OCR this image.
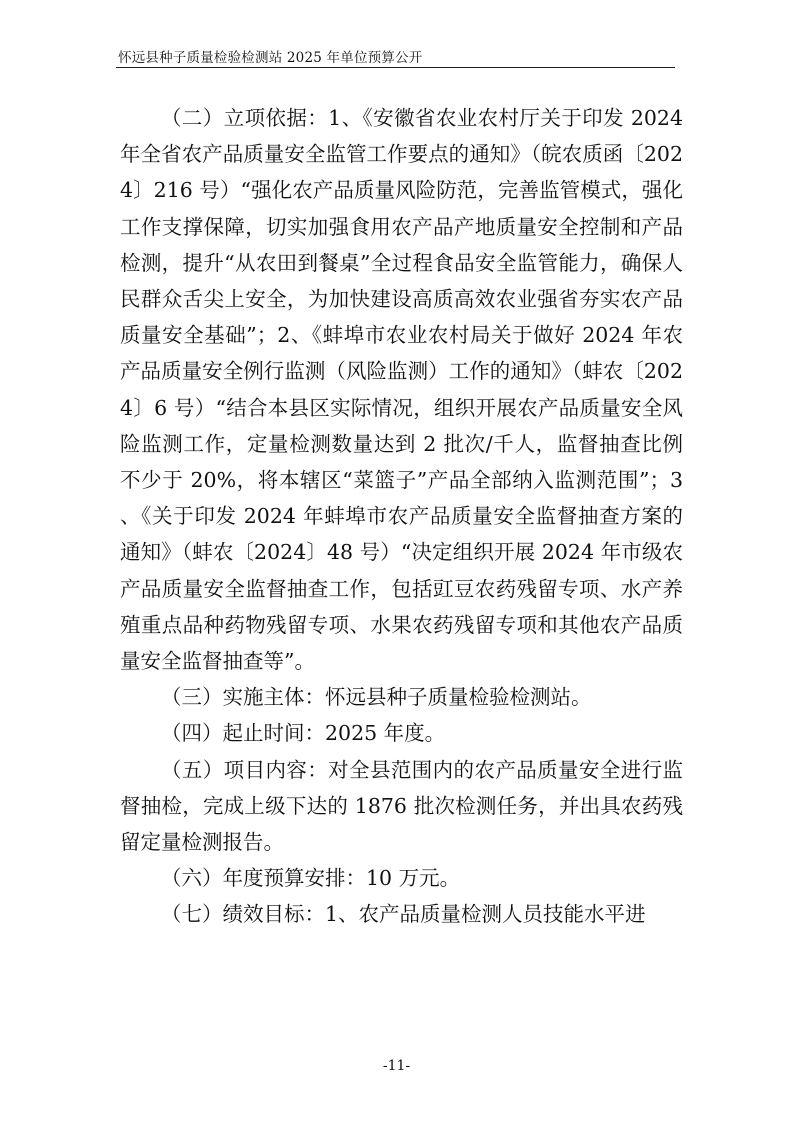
怀远县种子质量检验检测站 2025 年单位预算公开

（二）立项依据：1、《安徽省农业农村厅关于印发 2024 年全省农产品质量安全监管工作要点的通知》（皖农质函〔2024〕216 号）“强化农产品质量风险防范，完善监管模式，强化工作支撑保障，切实加强食用农产品产地质量安全控制和产品检测，提升“从农田到餐桌”全过程食品安全监管能力，确保人民群众舌尖上安全，为加快建设高质高效农业强省夯实农产品质量安全基础”；2、《蚌埠市农业农村局关于做好 2024 年农产品质量安全例行监测（风险监测）工作的通知》（蚌农〔2024〕6 号）“结合本县区实际情况，组织开展农产品质量安全风险监测工作，定量检测数量达到 2 批次/千人，监督抽查比例不少于 20%，将本辖区“菜篮子”产品全部纳入监测范围”；3、《关于印发 2024 年蚌埠市农产品质量安全监督抽查方案的通知》（蚌农〔2024〕48 号）“决定组织开展 2024 年市级农产品质量安全监督抽查工作，包括豇豆农药残留专项、水产养殖重点品种药物残留专项、水果农药残留专项和其他农产品质量安全监督抽查等”。

（三）实施主体：怀远县种子质量检验检测站。

（四）起止时间：2025 年度。

（五）项目内容：对全县范围内的农产品质量安全进行监督抽检，完成上级下达的 1876 批次检测任务，并出具农药残留定量检测报告。

（六）年度预算安排：10 万元。

（七）绩效目标：1、农产品质量检测人员技能水平进

-11-
